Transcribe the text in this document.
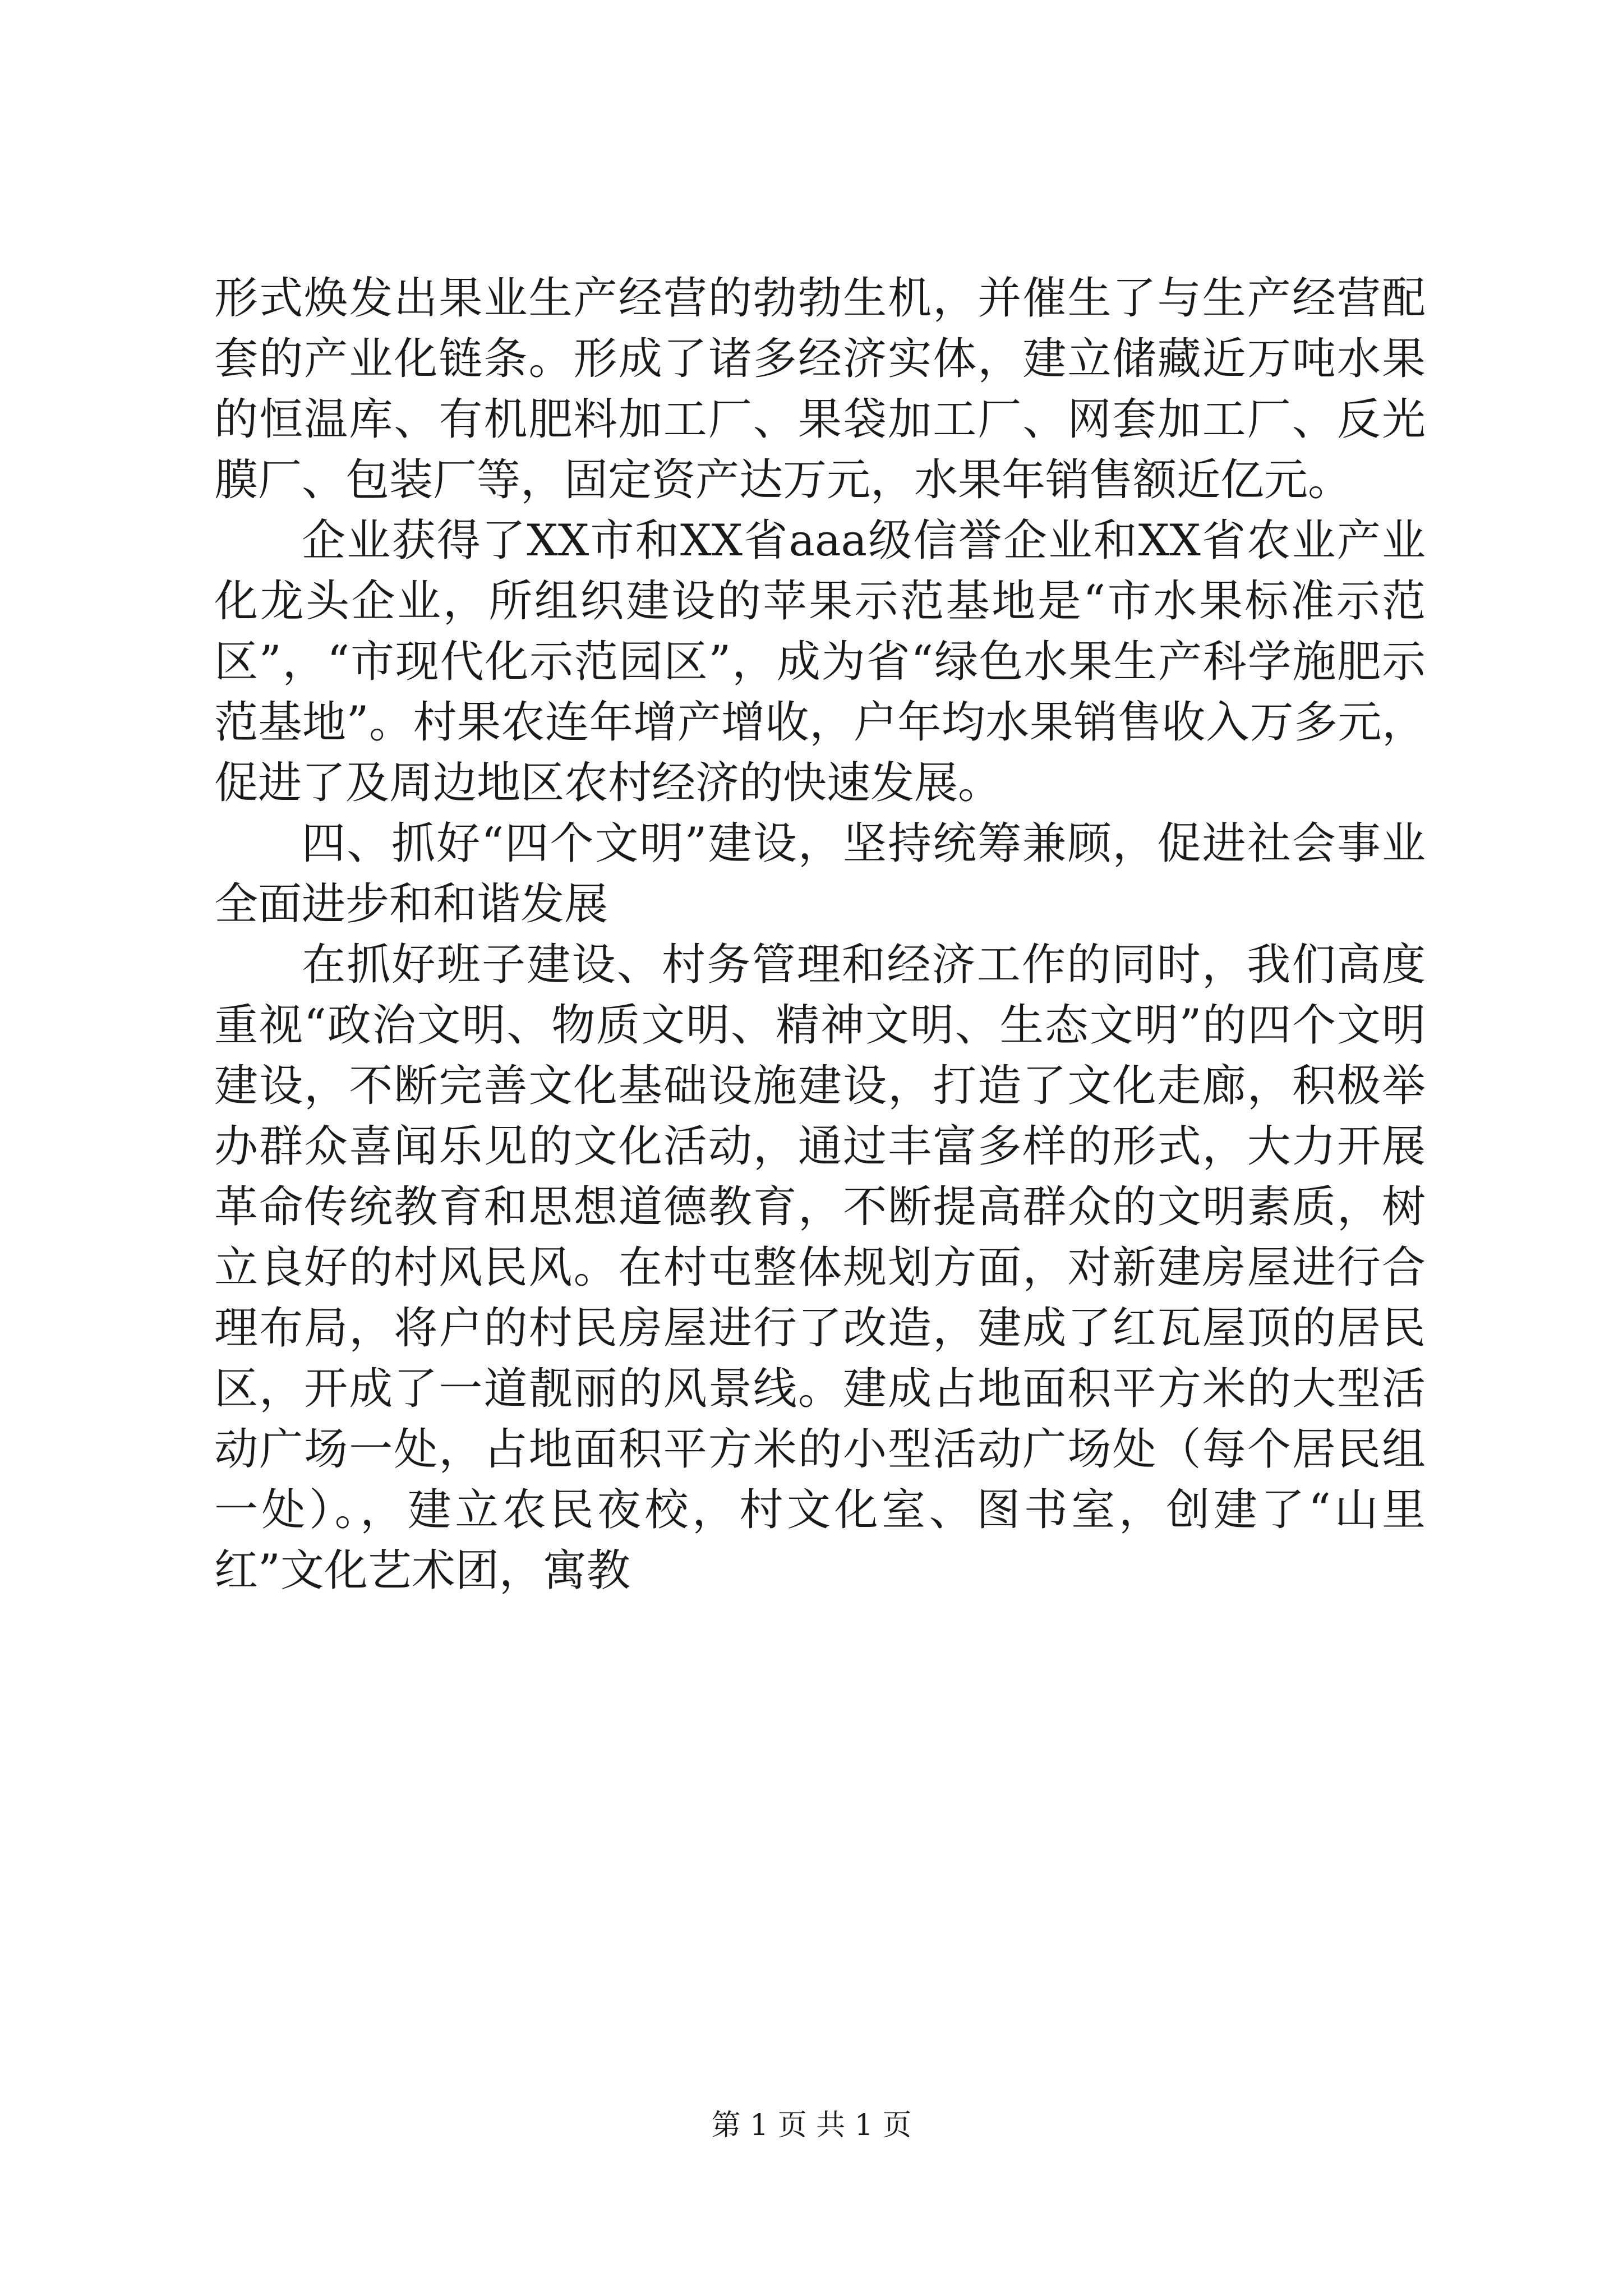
形式焕发出果业生产经营的勃勃生机，并催生了与生产经营配套的产业化链条。形成了诸多经济实体，建立储藏近万吨水果的恒温库、有机肥料加工厂、果袋加工厂、网套加工厂、反光膜厂、包装厂等，固定资产达万元，水果年销售额近亿元。

企业获得了XX市和XX省aaa级信誉企业和XX省农业产业化龙头企业，所组织建设的苹果示范基地是“市水果标准示范区”，“市现代化示范园区”，成为省“绿色水果生产科学施肥示范基地”。村果农连年增产增收，户年均水果销售收入万多元，促进了及周边地区农村经济的快速发展。

四、抓好“四个文明”建设，坚持统筹兼顾，促进社会事业全面进步和和谐发展

在抓好班子建设、村务管理和经济工作的同时，我们高度重视“政治文明、物质文明、精神文明、生态文明”的四个文明建设，不断完善文化基础设施建设，打造了文化走廊，积极举办群众喜闻乐见的文化活动，通过丰富多样的形式，大力开展革命传统教育和思想道德教育，不断提高群众的文明素质，树立良好的村风民风。在村屯整体规划方面，对新建房屋进行合理布局，将户的村民房屋进行了改造，建成了红瓦屋顶的居民区，开成了一道靓丽的风景线。建成占地面积平方米的大型活动广场一处，占地面积平方米的小型活动广场处（每个居民组一处）。，建立农民夜校，村文化室、图书室，创建了“山里红”文化艺术团，寓教

第 1 页 共 1 页
